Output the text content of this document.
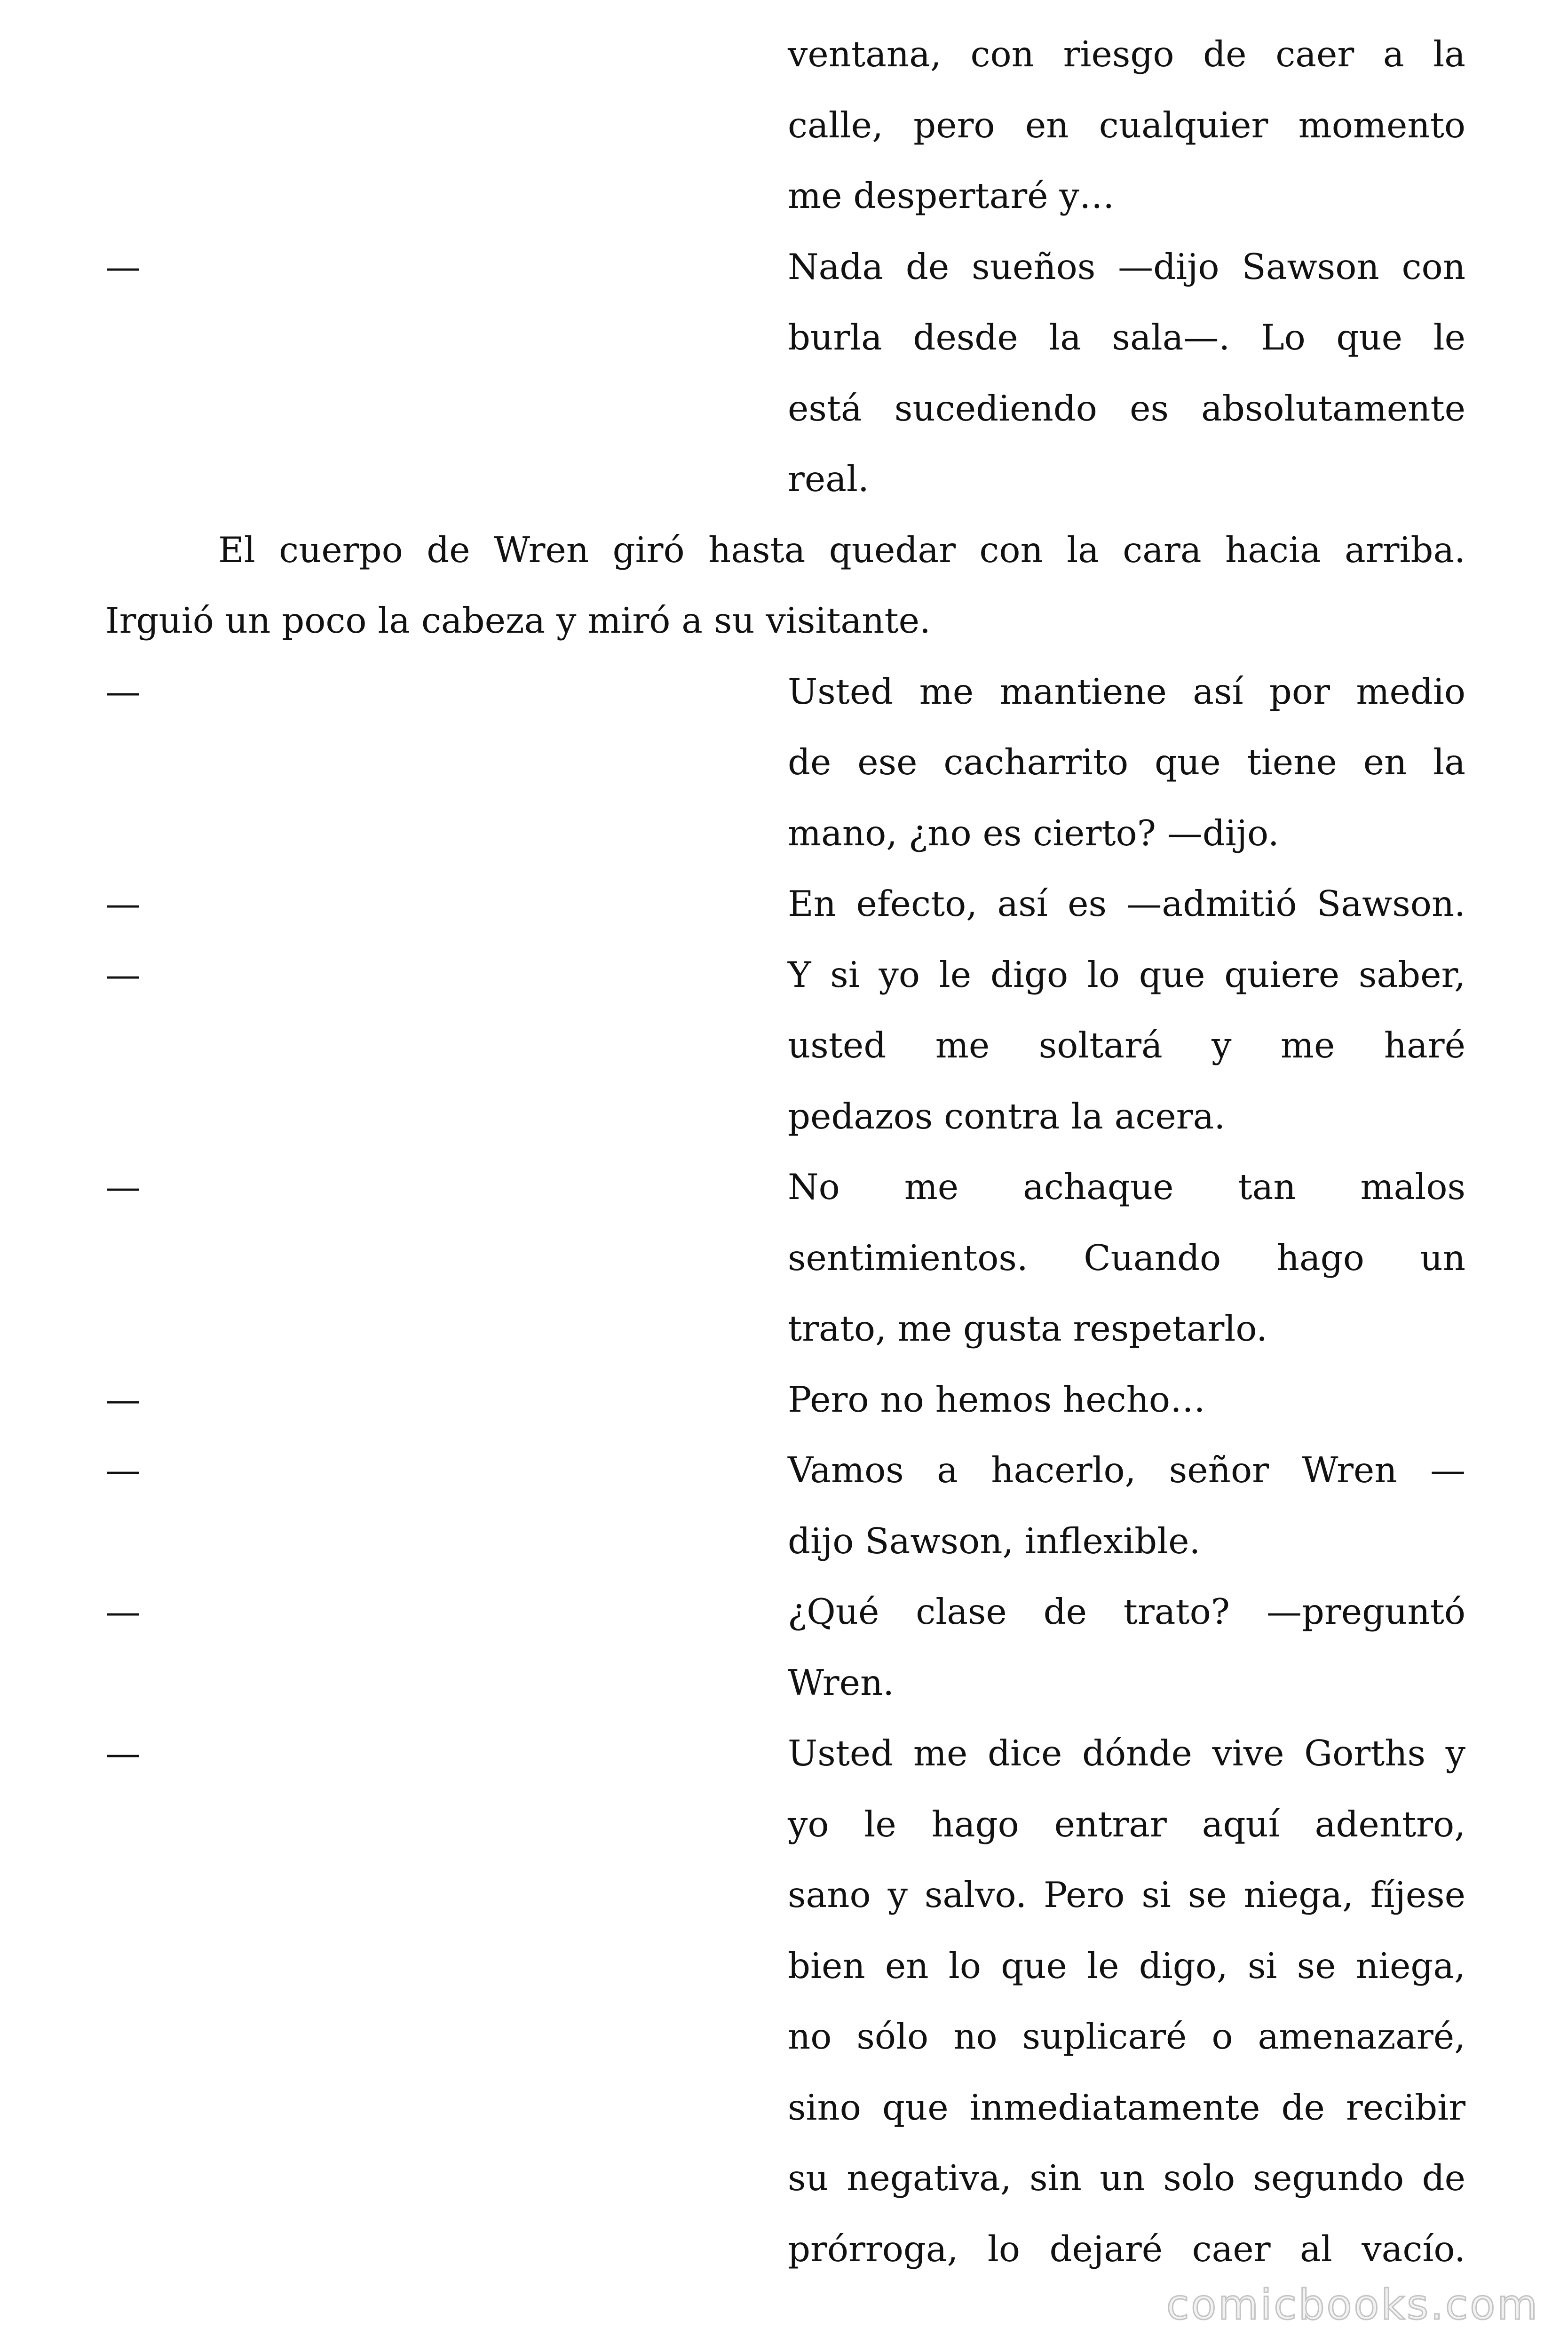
ventana, con riesgo de caer a la
calle, pero en cualquier momento
me despertaré y…
—	Nada de sueños —dijo Sawson con
burla desde la sala—. Lo que le
está sucediendo es absolutamente
real.
El cuerpo de Wren giró hasta quedar con la cara hacia arriba.
Irguió un poco la cabeza y miró a su visitante.
—	Usted me mantiene así por medio
de ese cacharrito que tiene en la
mano, ¿no es cierto? —dijo.
—	En efecto, así es —admitió Sawson.
—	Y si yo le digo lo que quiere saber,
usted me soltará y me haré
pedazos contra la acera.
—	No me achaque tan malos
sentimientos. Cuando hago un
trato, me gusta respetarlo.
—	Pero no hemos hecho…
—	Vamos a hacerlo, señor Wren —
dijo Sawson, inflexible.
—	¿Qué clase de trato? —preguntó
Wren.
—	Usted me dice dónde vive Gorths y
yo le hago entrar aquí adentro,
sano y salvo. Pero si se niega, fíjese
bien en lo que le digo, si se niega,
no sólo no suplicaré o amenazaré,
sino que inmediatamente de recibir
su negativa, sin un solo segundo de
prórroga, lo dejaré caer al vacío.
comicbooks.com
